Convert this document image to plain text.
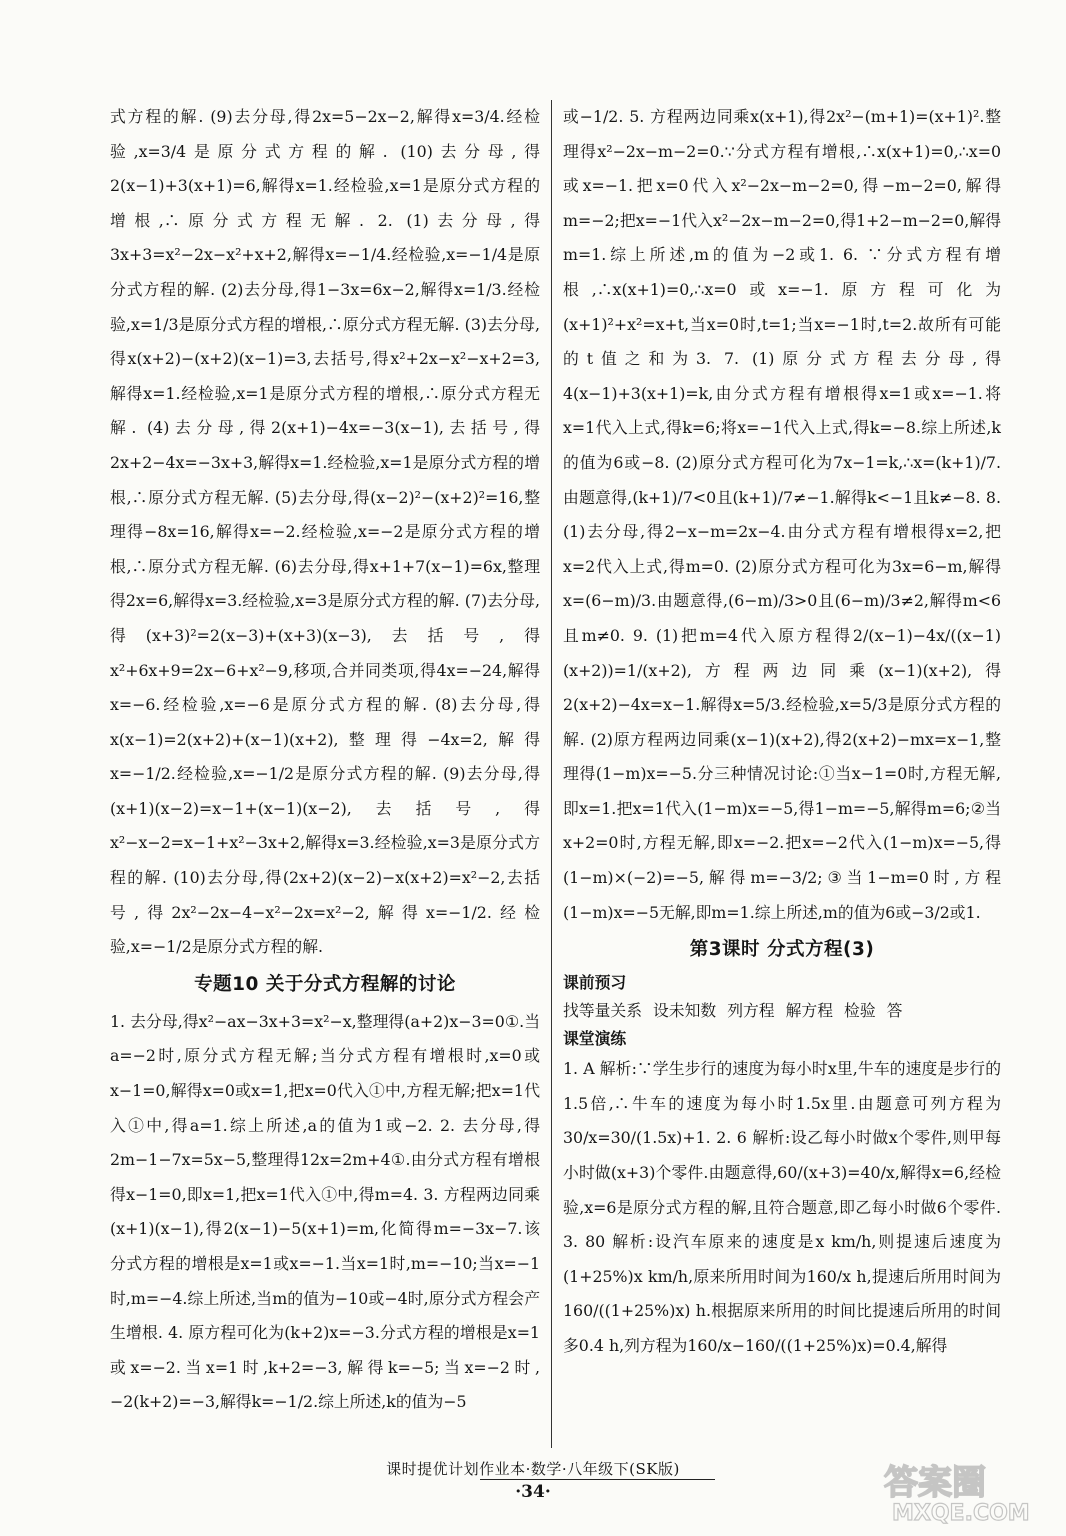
式方程的解. (9)去分母,得2x=5−2x−2,解得x=3/4.经检验,x=3/4是原分式方程的解. (10)去分母,得2(x−1)+3(x+1)=6,解得x=1.经检验,x=1是原分式方程的增根,∴原分式方程无解. 2. (1)去分母,得3x+3=x²−2x−x²+x+2,解得x=−1/4.经检验,x=−1/4是原分式方程的解. (2)去分母,得1−3x=6x−2,解得x=1/3.经检验,x=1/3是原分式方程的增根,∴原分式方程无解. (3)去分母,得x(x+2)−(x+2)(x−1)=3,去括号,得x²+2x−x²−x+2=3,解得x=1.经检验,x=1是原分式方程的增根,∴原分式方程无解. (4)去分母,得2(x+1)−4x=−3(x−1),去括号,得2x+2−4x=−3x+3,解得x=1.经检验,x=1是原分式方程的增根,∴原分式方程无解. (5)去分母,得(x−2)²−(x+2)²=16,整理得−8x=16,解得x=−2.经检验,x=−2是原分式方程的增根,∴原分式方程无解. (6)去分母,得x+1+7(x−1)=6x,整理得2x=6,解得x=3.经检验,x=3是原分式方程的解. (7)去分母,得(x+3)²=2(x−3)+(x+3)(x−3),去括号,得x²+6x+9=2x−6+x²−9,移项,合并同类项,得4x=−24,解得x=−6.经检验,x=−6是原分式方程的解. (8)去分母,得x(x−1)=2(x+2)+(x−1)(x+2),整理得−4x=2,解得x=−1/2.经检验,x=−1/2是原分式方程的解. (9)去分母,得(x+1)(x−2)=x−1+(x−1)(x−2),去括号,得x²−x−2=x−1+x²−3x+2,解得x=3.经检验,x=3是原分式方程的解. (10)去分母,得(2x+2)(x−2)−x(x+2)=x²−2,去括号,得2x²−2x−4−x²−2x=x²−2,解得x=−1/2.经检验,x=−1/2是原分式方程的解.

专题10 关于分式方程解的讨论

1. 去分母,得x²−ax−3x+3=x²−x,整理得(a+2)x−3=0①.当a=−2时,原分式方程无解;当分式方程有增根时,x=0或x−1=0,解得x=0或x=1,把x=0代入①中,方程无解;把x=1代入①中,得a=1.综上所述,a的值为1或−2. 2. 去分母,得2m−1−7x=5x−5,整理得12x=2m+4①.由分式方程有增根得x−1=0,即x=1,把x=1代入①中,得m=4. 3. 方程两边同乘(x+1)(x−1),得2(x−1)−5(x+1)=m,化简得m=−3x−7.该分式方程的增根是x=1或x=−1.当x=1时,m=−10;当x=−1时,m=−4.综上所述,当m的值为−10或−4时,原分式方程会产生增根. 4. 原方程可化为(k+2)x=−3.分式方程的增根是x=1或x=−2.当x=1时,k+2=−3,解得k=−5;当x=−2时,−2(k+2)=−3,解得k=−1/2.综上所述,k的值为−5

或−1/2. 5. 方程两边同乘x(x+1),得2x²−(m+1)=(x+1)².整理得x²−2x−m−2=0.∵分式方程有增根,∴x(x+1)=0,∴x=0或x=−1.把x=0代入x²−2x−m−2=0,得−m−2=0,解得m=−2;把x=−1代入x²−2x−m−2=0,得1+2−m−2=0,解得m=1.综上所述,m的值为−2或1. 6. ∵分式方程有增根,∴x(x+1)=0,∴x=0或x=−1.原方程可化为(x+1)²+x²=x+t,当x=0时,t=1;当x=−1时,t=2.故所有可能的t值之和为3. 7. (1)原分式方程去分母,得4(x−1)+3(x+1)=k,由分式方程有增根得x=1或x=−1.将x=1代入上式,得k=6;将x=−1代入上式,得k=−8.综上所述,k的值为6或−8. (2)原分式方程可化为7x−1=k,∴x=(k+1)/7.由题意得,(k+1)/7<0且(k+1)/7≠−1.解得k<−1且k≠−8. 8. (1)去分母,得2−x−m=2x−4.由分式方程有增根得x=2,把x=2代入上式,得m=0. (2)原分式方程可化为3x=6−m,解得x=(6−m)/3.由题意得,(6−m)/3>0且(6−m)/3≠2,解得m<6且m≠0. 9. (1)把m=4代入原方程得2/(x−1)−4x/((x−1)(x+2))=1/(x+2),方程两边同乘(x−1)(x+2),得2(x+2)−4x=x−1.解得x=5/3.经检验,x=5/3是原分式方程的解. (2)原方程两边同乘(x−1)(x+2),得2(x+2)−mx=x−1,整理得(1−m)x=−5.分三种情况讨论:①当x−1=0时,方程无解,即x=1.把x=1代入(1−m)x=−5,得1−m=−5,解得m=6;②当x+2=0时,方程无解,即x=−2.把x=−2代入(1−m)x=−5,得(1−m)×(−2)=−5,解得m=−3/2;③当1−m=0时,方程(1−m)x=−5无解,即m=1.综上所述,m的值为6或−3/2或1.

第3课时 分式方程(3)
课前预习

找等量关系 设未知数 列方程 解方程 检验 答

课堂演练

1. A 解析:∵学生步行的速度为每小时x里,牛车的速度是步行的1.5倍,∴牛车的速度为每小时1.5x里.由题意可列方程为30/x=30/(1.5x)+1. 2. 6 解析:设乙每小时做x个零件,则甲每小时做(x+3)个零件.由题意得,60/(x+3)=40/x,解得x=6,经检验,x=6是原分式方程的解,且符合题意,即乙每小时做6个零件. 3. 80 解析:设汽车原来的速度是x km/h,则提速后速度为(1+25%)x km/h,原来所用时间为160/x h,提速后所用时间为160/((1+25%)x) h.根据原来所用的时间比提速后所用的时间多0.4 h,列方程为160/x−160/((1+25%)x)=0.4,解得

课时提优计划作业本·数学·八年级下(SK版)
·34·	答案圈
MXQE.COM
